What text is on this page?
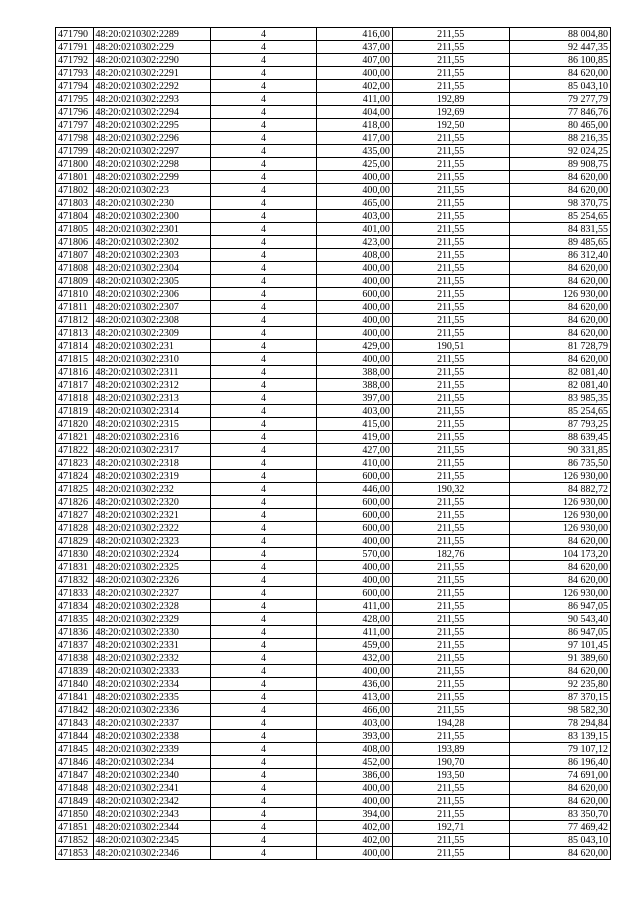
471790	48:20:0210302:2289	4	416,00	211,55	88 004,80
471791	48:20:0210302:229	4	437,00	211,55	92 447,35
471792	48:20:0210302:2290	4	407,00	211,55	86 100,85
471793	48:20:0210302:2291	4	400,00	211,55	84 620,00
471794	48:20:0210302:2292	4	402,00	211,55	85 043,10
471795	48:20:0210302:2293	4	411,00	192,89	79 277,79
471796	48:20:0210302:2294	4	404,00	192,69	77 846,76
471797	48:20:0210302:2295	4	418,00	192,50	80 465,00
471798	48:20:0210302:2296	4	417,00	211,55	88 216,35
471799	48:20:0210302:2297	4	435,00	211,55	92 024,25
471800	48:20:0210302:2298	4	425,00	211,55	89 908,75
471801	48:20:0210302:2299	4	400,00	211,55	84 620,00
471802	48:20:0210302:23	4	400,00	211,55	84 620,00
471803	48:20:0210302:230	4	465,00	211,55	98 370,75
471804	48:20:0210302:2300	4	403,00	211,55	85 254,65
471805	48:20:0210302:2301	4	401,00	211,55	84 831,55
471806	48:20:0210302:2302	4	423,00	211,55	89 485,65
471807	48:20:0210302:2303	4	408,00	211,55	86 312,40
471808	48:20:0210302:2304	4	400,00	211,55	84 620,00
471809	48:20:0210302:2305	4	400,00	211,55	84 620,00
471810	48:20:0210302:2306	4	600,00	211,55	126 930,00
471811	48:20:0210302:2307	4	400,00	211,55	84 620,00
471812	48:20:0210302:2308	4	400,00	211,55	84 620,00
471813	48:20:0210302:2309	4	400,00	211,55	84 620,00
471814	48:20:0210302:231	4	429,00	190,51	81 728,79
471815	48:20:0210302:2310	4	400,00	211,55	84 620,00
471816	48:20:0210302:2311	4	388,00	211,55	82 081,40
471817	48:20:0210302:2312	4	388,00	211,55	82 081,40
471818	48:20:0210302:2313	4	397,00	211,55	83 985,35
471819	48:20:0210302:2314	4	403,00	211,55	85 254,65
471820	48:20:0210302:2315	4	415,00	211,55	87 793,25
471821	48:20:0210302:2316	4	419,00	211,55	88 639,45
471822	48:20:0210302:2317	4	427,00	211,55	90 331,85
471823	48:20:0210302:2318	4	410,00	211,55	86 735,50
471824	48:20:0210302:2319	4	600,00	211,55	126 930,00
471825	48:20:0210302:232	4	446,00	190,32	84 882,72
471826	48:20:0210302:2320	4	600,00	211,55	126 930,00
471827	48:20:0210302:2321	4	600,00	211,55	126 930,00
471828	48:20:0210302:2322	4	600,00	211,55	126 930,00
471829	48:20:0210302:2323	4	400,00	211,55	84 620,00
471830	48:20:0210302:2324	4	570,00	182,76	104 173,20
471831	48:20:0210302:2325	4	400,00	211,55	84 620,00
471832	48:20:0210302:2326	4	400,00	211,55	84 620,00
471833	48:20:0210302:2327	4	600,00	211,55	126 930,00
471834	48:20:0210302:2328	4	411,00	211,55	86 947,05
471835	48:20:0210302:2329	4	428,00	211,55	90 543,40
471836	48:20:0210302:2330	4	411,00	211,55	86 947,05
471837	48:20:0210302:2331	4	459,00	211,55	97 101,45
471838	48:20:0210302:2332	4	432,00	211,55	91 389,60
471839	48:20:0210302:2333	4	400,00	211,55	84 620,00
471840	48:20:0210302:2334	4	436,00	211,55	92 235,80
471841	48:20:0210302:2335	4	413,00	211,55	87 370,15
471842	48:20:0210302:2336	4	466,00	211,55	98 582,30
471843	48:20:0210302:2337	4	403,00	194,28	78 294,84
471844	48:20:0210302:2338	4	393,00	211,55	83 139,15
471845	48:20:0210302:2339	4	408,00	193,89	79 107,12
471846	48:20:0210302:234	4	452,00	190,70	86 196,40
471847	48:20:0210302:2340	4	386,00	193,50	74 691,00
471848	48:20:0210302:2341	4	400,00	211,55	84 620,00
471849	48:20:0210302:2342	4	400,00	211,55	84 620,00
471850	48:20:0210302:2343	4	394,00	211,55	83 350,70
471851	48:20:0210302:2344	4	402,00	192,71	77 469,42
471852	48:20:0210302:2345	4	402,00	211,55	85 043,10
471853	48:20:0210302:2346	4	400,00	211,55	84 620,00
